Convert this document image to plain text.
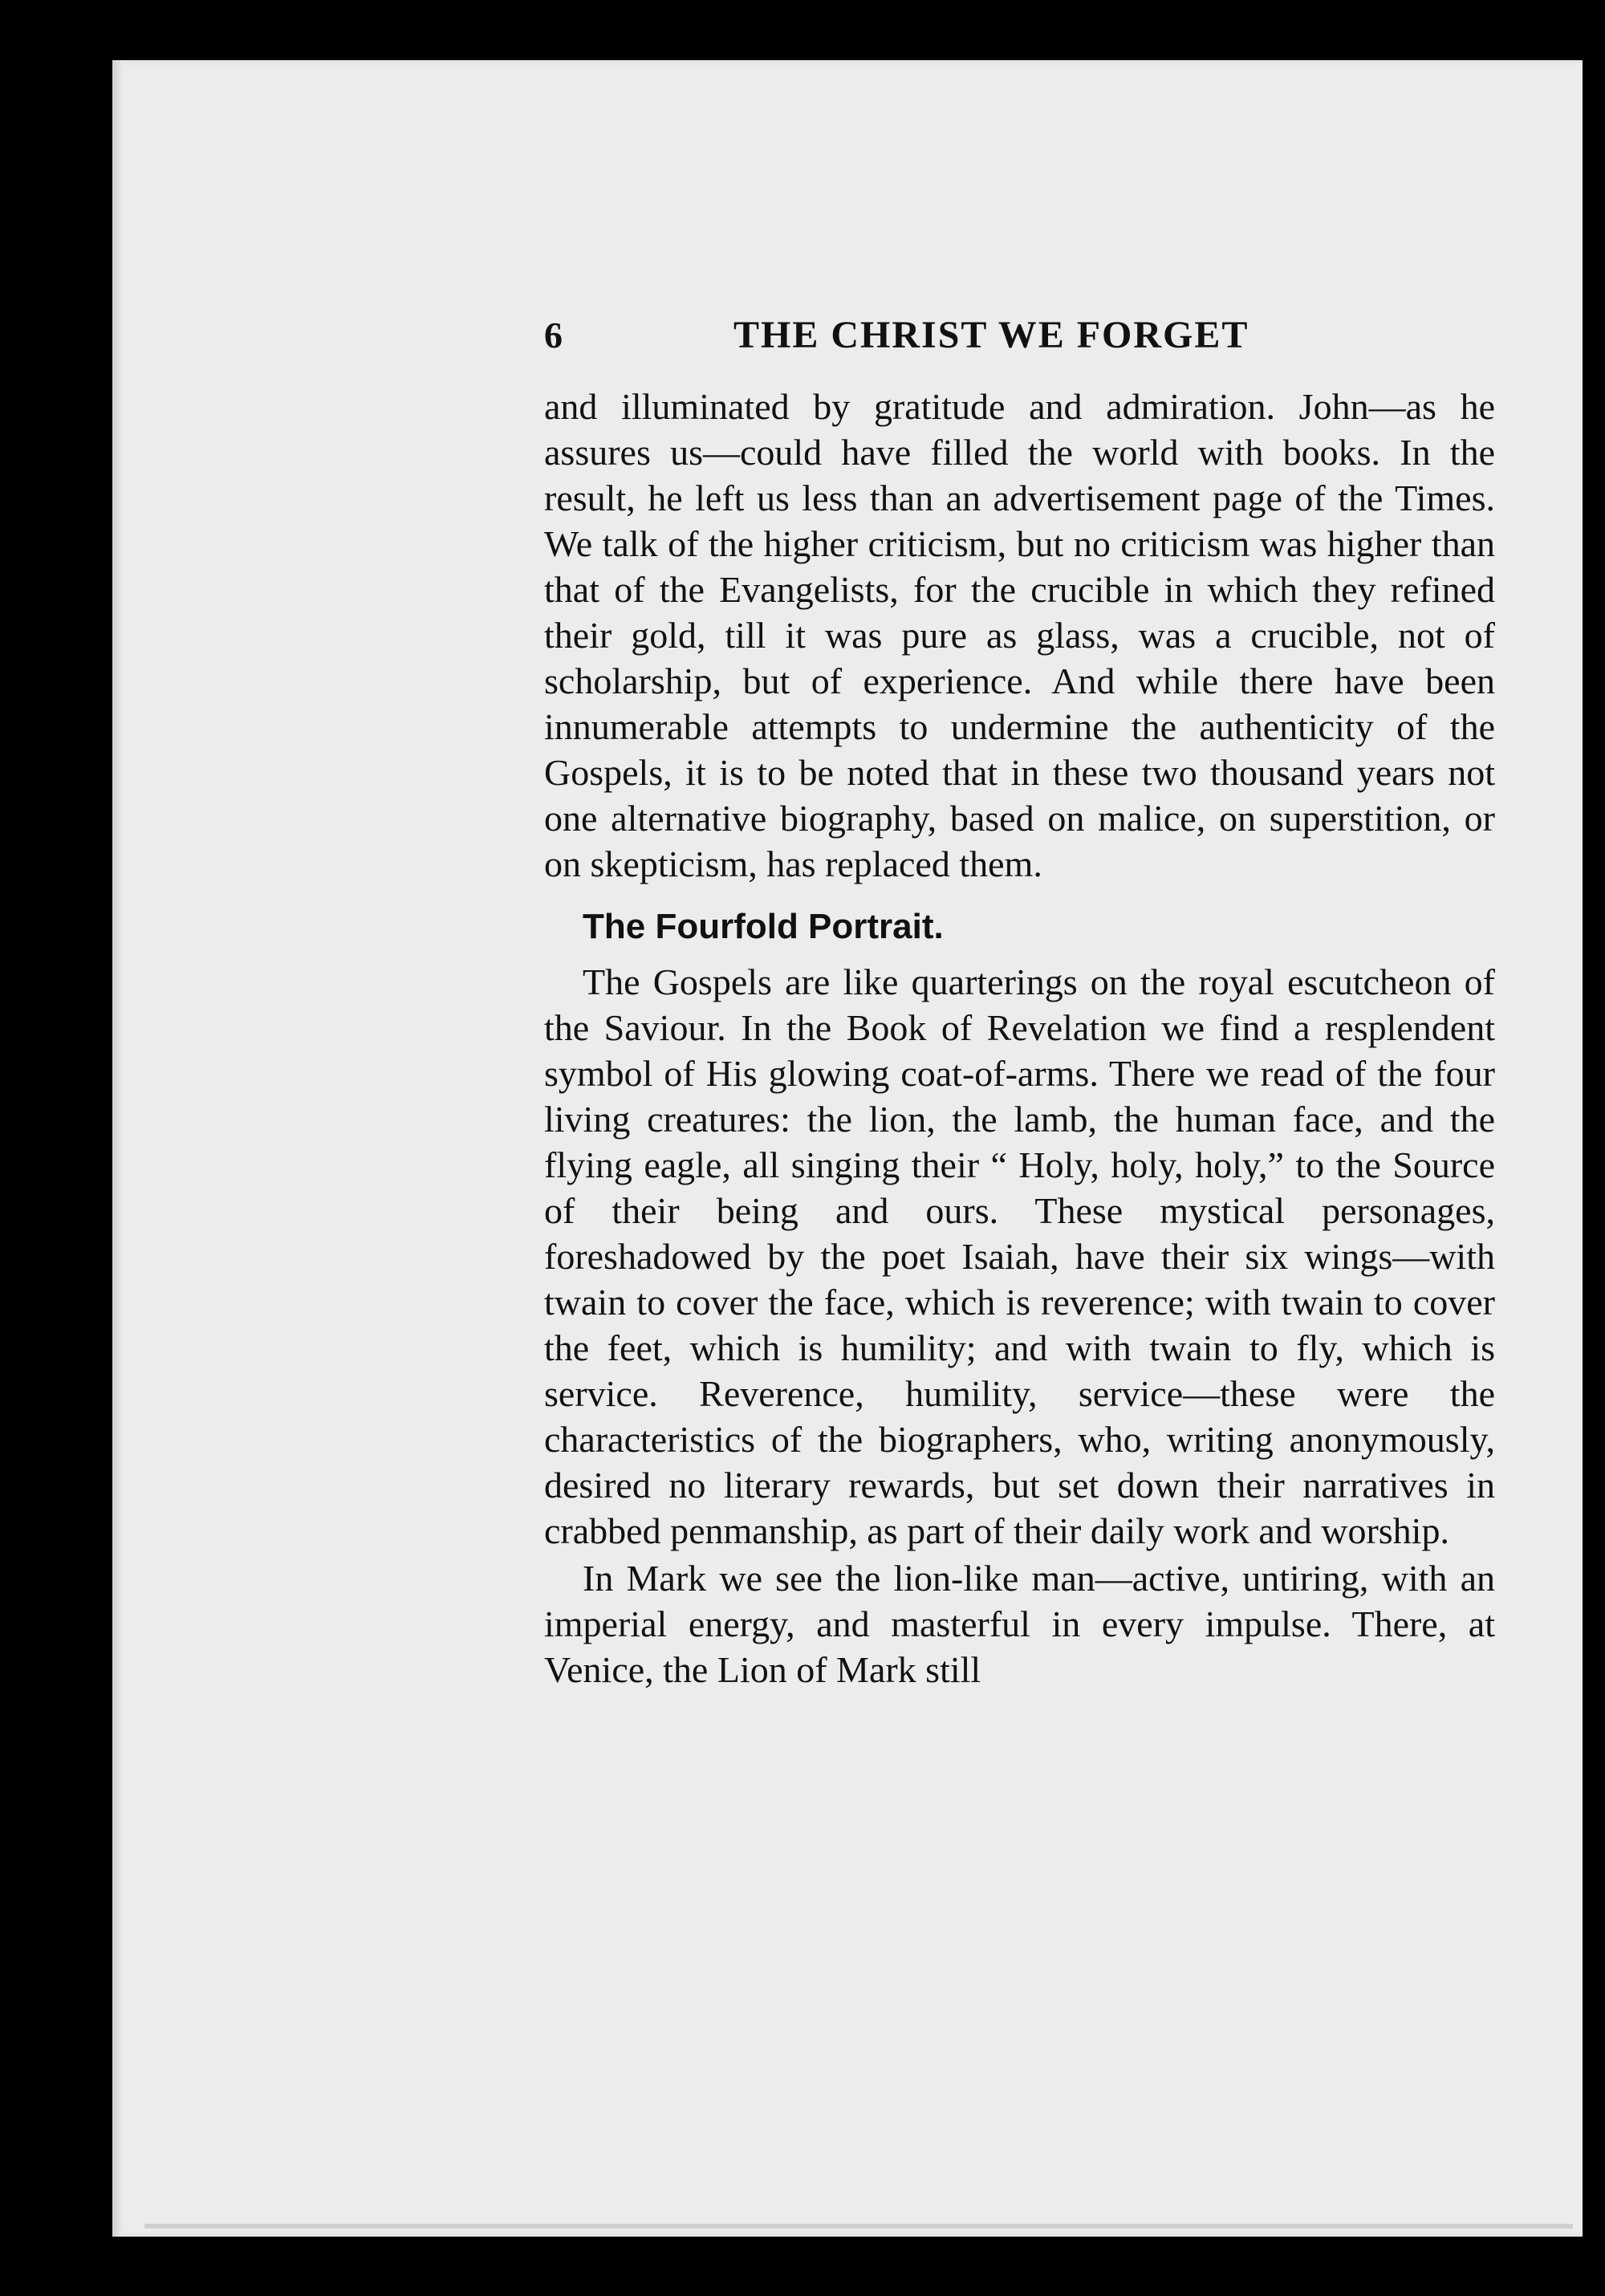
6	THE CHRIST WE FORGET

and illuminated by gratitude and admiration. John—as he assures us—could have filled the world with books. In the result, he left us less than an advertisement page of the Times. We talk of the higher criticism, but no criticism was higher than that of the Evangelists, for the crucible in which they refined their gold, till it was pure as glass, was a crucible, not of scholarship, but of experience. And while there have been innumerable attempts to undermine the authenticity of the Gospels, it is to be noted that in these two thousand years not one alternative biography, based on malice, on superstition, or on skepticism, has replaced them.

The Fourfold Portrait.

The Gospels are like quarterings on the royal escutcheon of the Saviour. In the Book of Revelation we find a resplendent symbol of His glowing coat-of-arms. There we read of the four living creatures: the lion, the lamb, the human face, and the flying eagle, all singing their “ Holy, holy, holy,” to the Source of their being and ours. These mystical personages, foreshadowed by the poet Isaiah, have their six wings—with twain to cover the face, which is reverence; with twain to cover the feet, which is humility; and with twain to fly, which is service. Reverence, humility, service—these were the characteristics of the biographers, who, writing anonymously, desired no literary rewards, but set down their narratives in crabbed penmanship, as part of their daily work and worship.

In Mark we see the lion-like man—active, untiring, with an imperial energy, and masterful in every impulse. There, at Venice, the Lion of Mark still
